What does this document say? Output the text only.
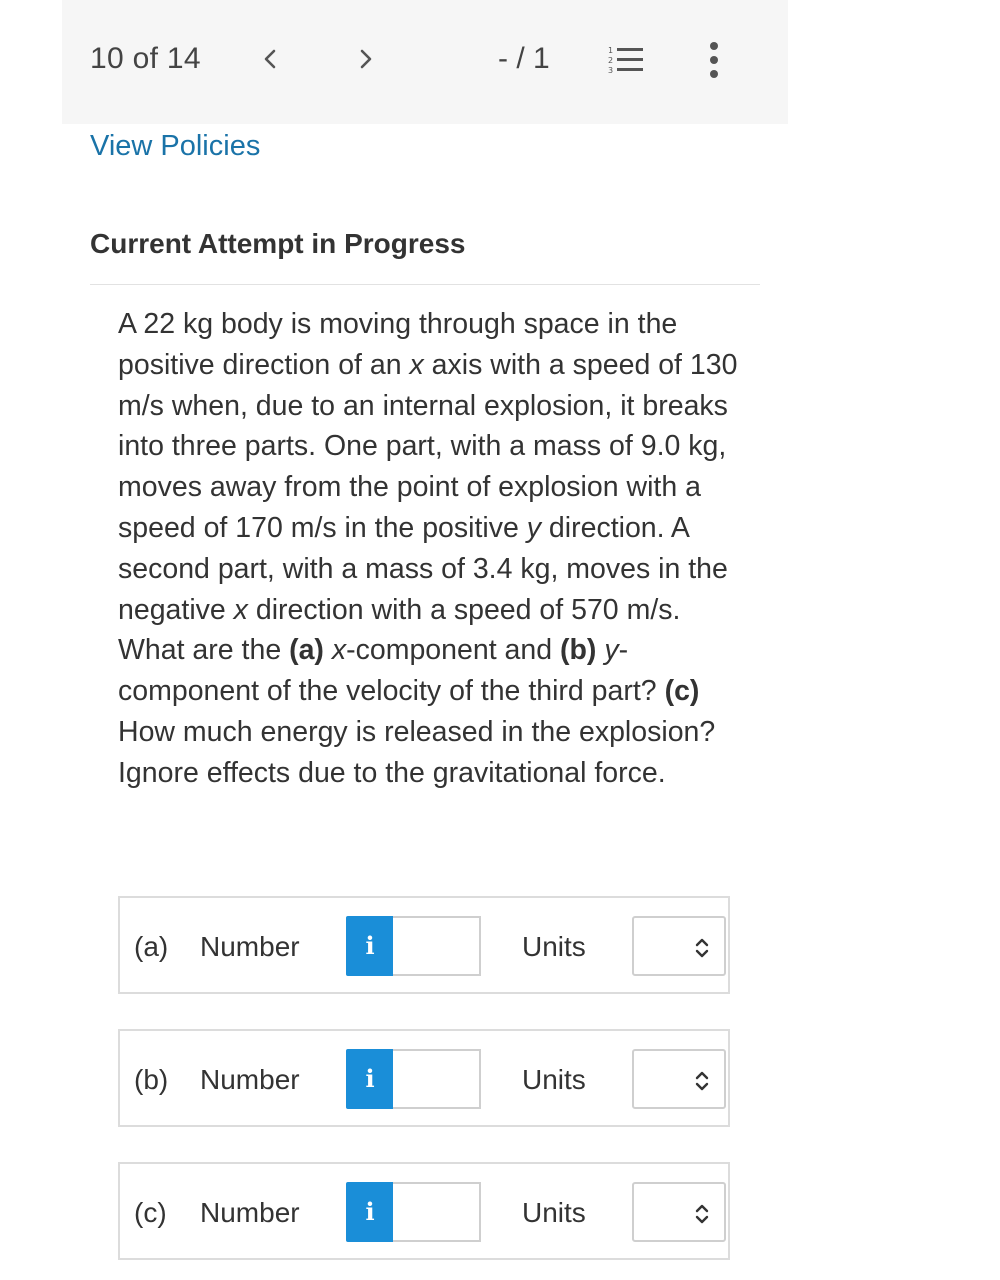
10 of 14	- / 1	1
2
3
View Policies
Current Attempt in Progress
A 22 kg body is moving through space in the positive direction of an x axis with a speed of 130 m/s when, due to an internal explosion, it breaks into three parts. One part, with a mass of 9.0 kg, moves away from the point of explosion with a speed of 170 m/s in the positive y direction. A second part, with a mass of 3.4 kg, moves in the negative x direction with a speed of 570 m/s. What are the (a) x-component and (b) y-component of the velocity of the third part? (c) How much energy is released in the explosion? Ignore effects due to the gravitational force.
(a) Number	i	Units
(b) Number	i	Units
(c) Number	i	Units
